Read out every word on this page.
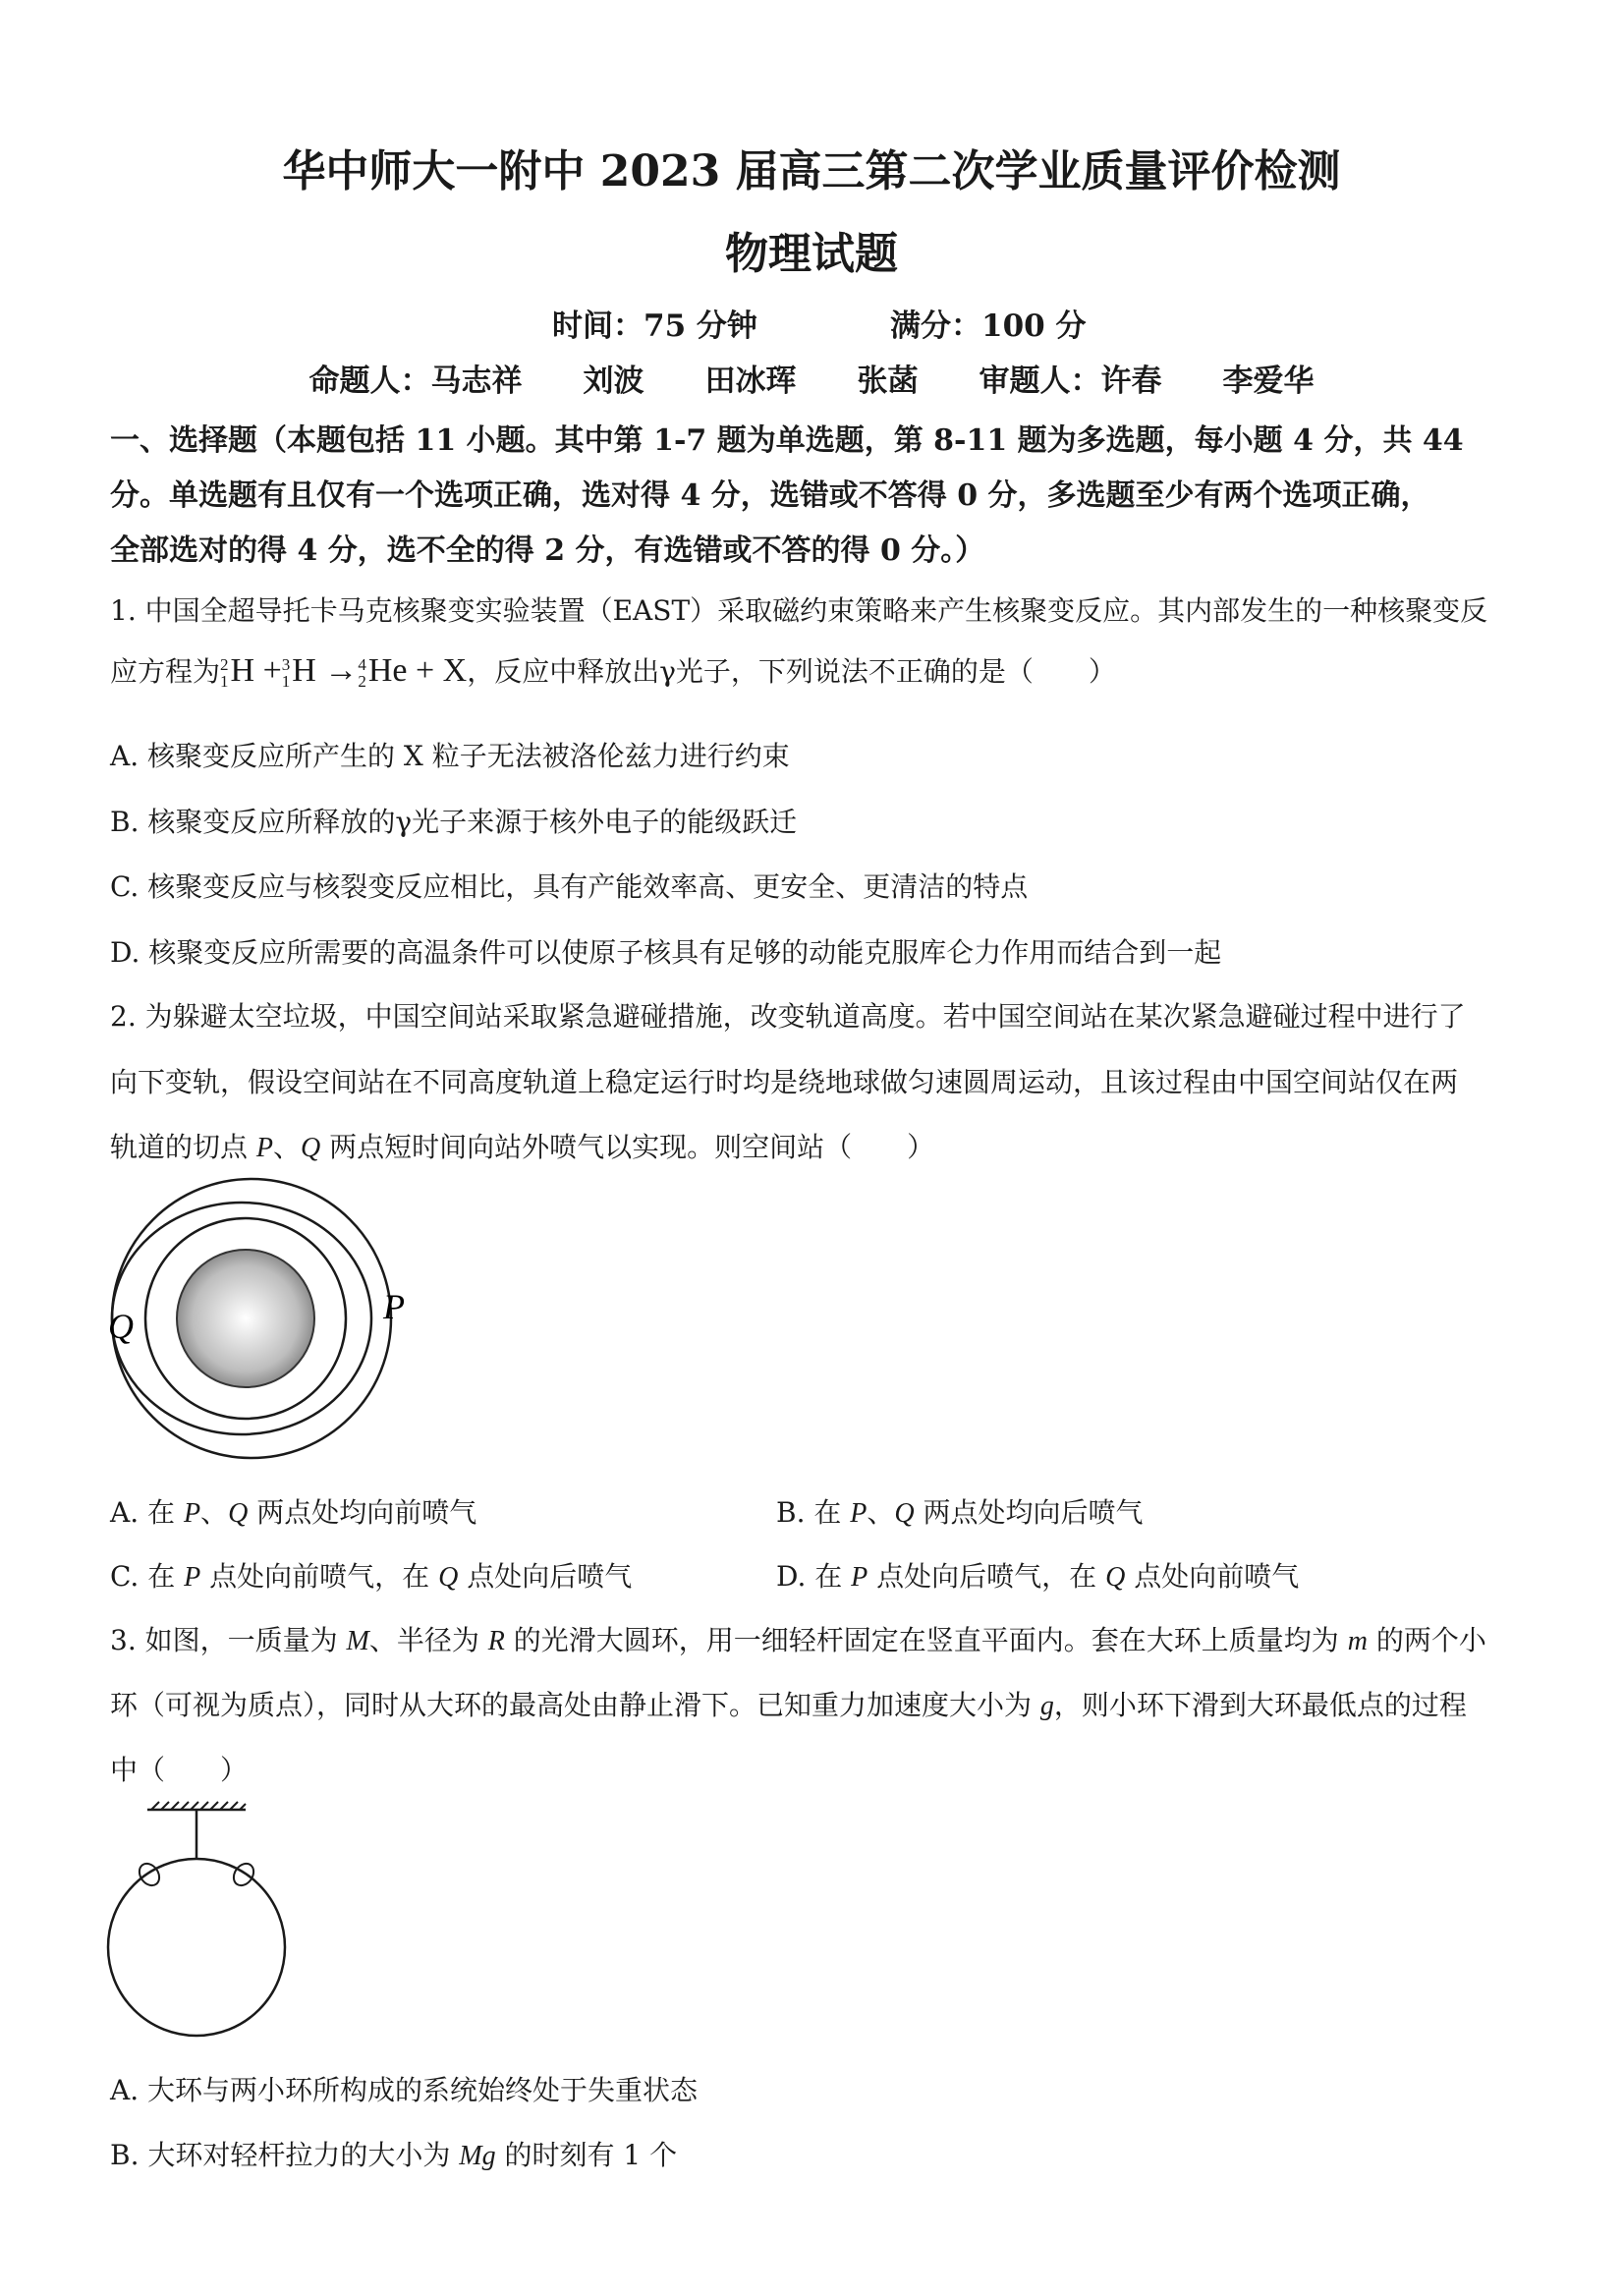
华中师大一附中 2023 届高三第二次学业质量评价检测
物理试题
时间：75 分钟	满分：100 分
命题人：马志祥　　刘波　　田冰珲　　张菡　　审题人：许春　　李爱华
一、选择题（本题包括 11 小题。其中第 1-7 题为单选题，第 8-11 题为多选题，每小题 4 分，共 44
分。单选题有且仅有一个选项正确，选对得 4 分，选错或不答得 0 分，多选题至少有两个选项正确，
全部选对的得 4 分，选不全的得 2 分，有选错或不答的得 0 分。）
1. 中国全超导托卡马克核聚变实验装置（EAST）采取磁约束策略来产生核聚变反应。其内部发生的一种核聚变反
应方程为 2
1 H + 3
1 H → 4
2 He + X，反应中释放出γ光子，下列说法不正确的是（　　）
A. 核聚变反应所产生的 X 粒子无法被洛伦兹力进行约束
B. 核聚变反应所释放的γ光子来源于核外电子的能级跃迁
C. 核聚变反应与核裂变反应相比，具有产能效率高、更安全、更清洁的特点
D. 核聚变反应所需要的高温条件可以使原子核具有足够的动能克服库仑力作用而结合到一起
2. 为躲避太空垃圾，中国空间站采取紧急避碰措施，改变轨道高度。若中国空间站在某次紧急避碰过程中进行了
向下变轨，假设空间站在不同高度轨道上稳定运行时均是绕地球做匀速圆周运动，且该过程由中国空间站仅在两
轨道的切点 P、Q 两点短时间向站外喷气以实现。则空间站（　　）
Q	P
A. 在 P、Q 两点处均向前喷气	B. 在 P、Q 两点处均向后喷气
C. 在 P 点处向前喷气，在 Q 点处向后喷气	D. 在 P 点处向后喷气，在 Q 点处向前喷气
3. 如图，一质量为 M、半径为 R 的光滑大圆环，用一细轻杆固定在竖直平面内。套在大环上质量均为 m 的两个小
环（可视为质点），同时从大环的最高处由静止滑下。已知重力加速度大小为 g，则小环下滑到大环最低点的过程
中（　　）
A. 大环与两小环所构成的系统始终处于失重状态
B. 大环对轻杆拉力的大小为 Mg 的时刻有 1 个
